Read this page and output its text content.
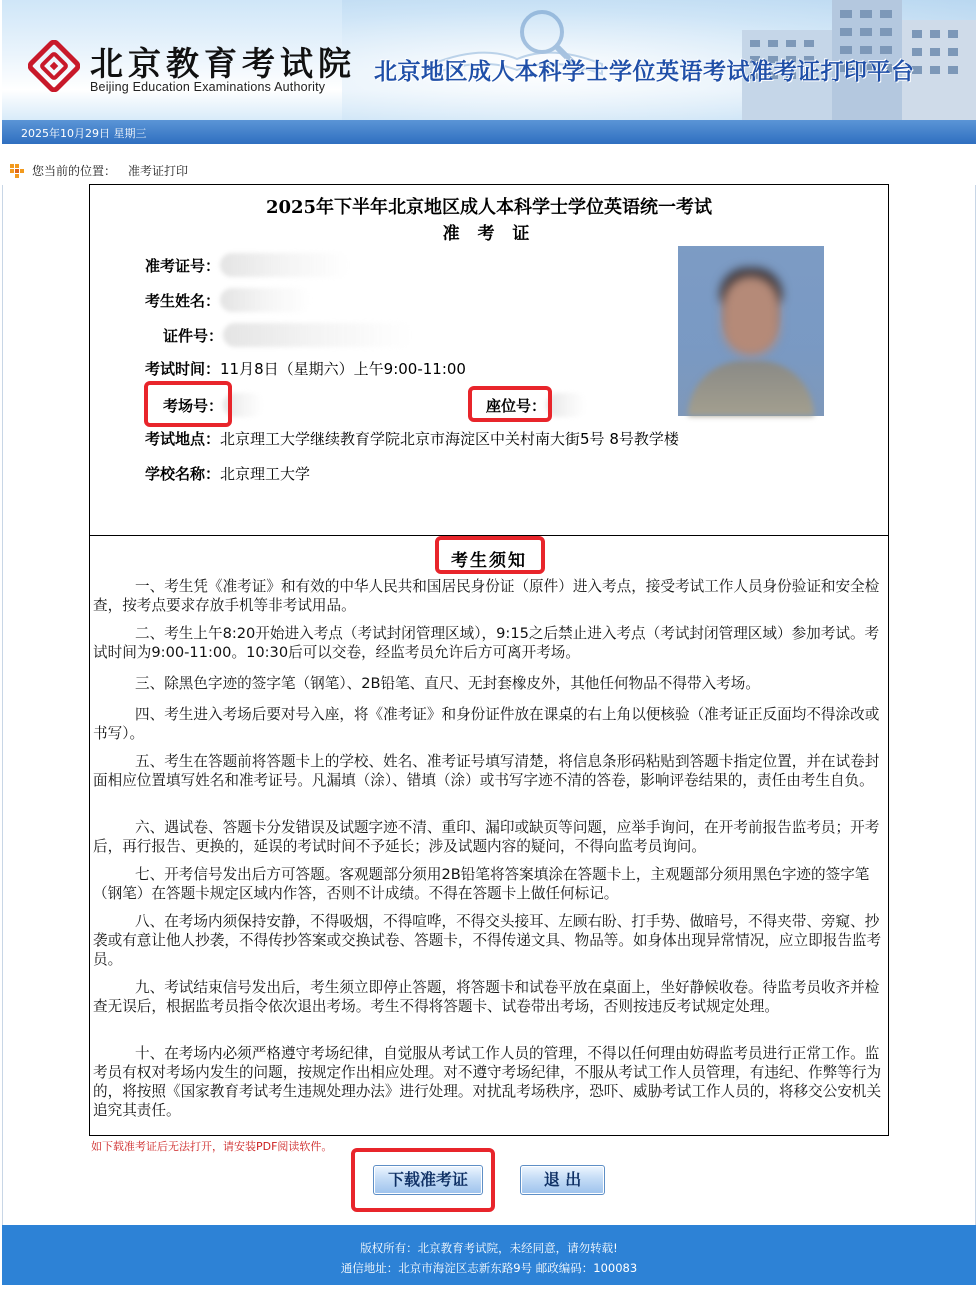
北京教育考试院
Beijing Education Examinations Authority
北京地区成人本科学士学位英语考试准考证打印平台
2025年10月29日 星期三
您当前的位置： 准考证打印
2025年下半年北京地区成人本科学士学位英语统一考试
准 考 证
准考证号：
考生姓名：
证件号：
考试时间： 11月8日（星期六）上午9:00-11:00
考场号：	座位号：
考试地点： 北京理工大学继续教育学院北京市海淀区中关村南大街5号 8号教学楼
学校名称： 北京理工大学
考生须知
一、考生凭《准考证》和有效的中华人民共和国居民身份证（原件）进入考点，接受考试工作人员身份验证和安全检查，按考点要求存放手机等非考试用品。
二、考生上午8:20开始进入考点（考试封闭管理区域），9:15之后禁止进入考点（考试封闭管理区域）参加考试。考试时间为9:00-11:00。10:30后可以交卷，经监考员允许后方可离开考场。
三、除黑色字迹的签字笔（钢笔）、2B铅笔、直尺、无封套橡皮外，其他任何物品不得带入考场。
四、考生进入考场后要对号入座，将《准考证》和身份证件放在课桌的右上角以便核验（准考证正反面均不得涂改或书写）。
五、考生在答题前将答题卡上的学校、姓名、准考证号填写清楚，将信息条形码粘贴到答题卡指定位置，并在试卷封面相应位置填写姓名和准考证号。凡漏填（涂）、错填（涂）或书写字迹不清的答卷，影响评卷结果的，责任由考生自负。
六、遇试卷、答题卡分发错误及试题字迹不清、重印、漏印或缺页等问题，应举手询问，在开考前报告监考员；开考后，再行报告、更换的，延误的考试时间不予延长；涉及试题内容的疑问，不得向监考员询问。
七、开考信号发出后方可答题。客观题部分须用2B铅笔将答案填涂在答题卡上，主观题部分须用黑色字迹的签字笔（钢笔）在答题卡规定区域内作答，否则不计成绩。不得在答题卡上做任何标记。
八、在考场内须保持安静，不得吸烟，不得喧哗，不得交头接耳、左顾右盼、打手势、做暗号，不得夹带、旁窥、抄袭或有意让他人抄袭，不得传抄答案或交换试卷、答题卡，不得传递文具、物品等。如身体出现异常情况，应立即报告监考员。
九、考试结束信号发出后，考生须立即停止答题，将答题卡和试卷平放在桌面上，坐好静候收卷。待监考员收齐并检查无误后，根据监考员指令依次退出考场。考生不得将答题卡、试卷带出考场，否则按违反考试规定处理。
十、在考场内必须严格遵守考场纪律，自觉服从考试工作人员的管理，不得以任何理由妨碍监考员进行正常工作。监考员有权对考场内发生的问题，按规定作出相应处理。对不遵守考场纪律，不服从考试工作人员管理，有违纪、作弊等行为的，将按照《国家教育考试考生违规处理办法》进行处理。对扰乱考场秩序，恐吓、威胁考试工作人员的，将移交公安机关追究其责任。
如下载准考证后无法打开，请安装PDF阅读软件。
下载准考证	退 出
版权所有：北京教育考试院，未经同意，请勿转载!
通信地址：北京市海淀区志新东路9号 邮政编码：100083
